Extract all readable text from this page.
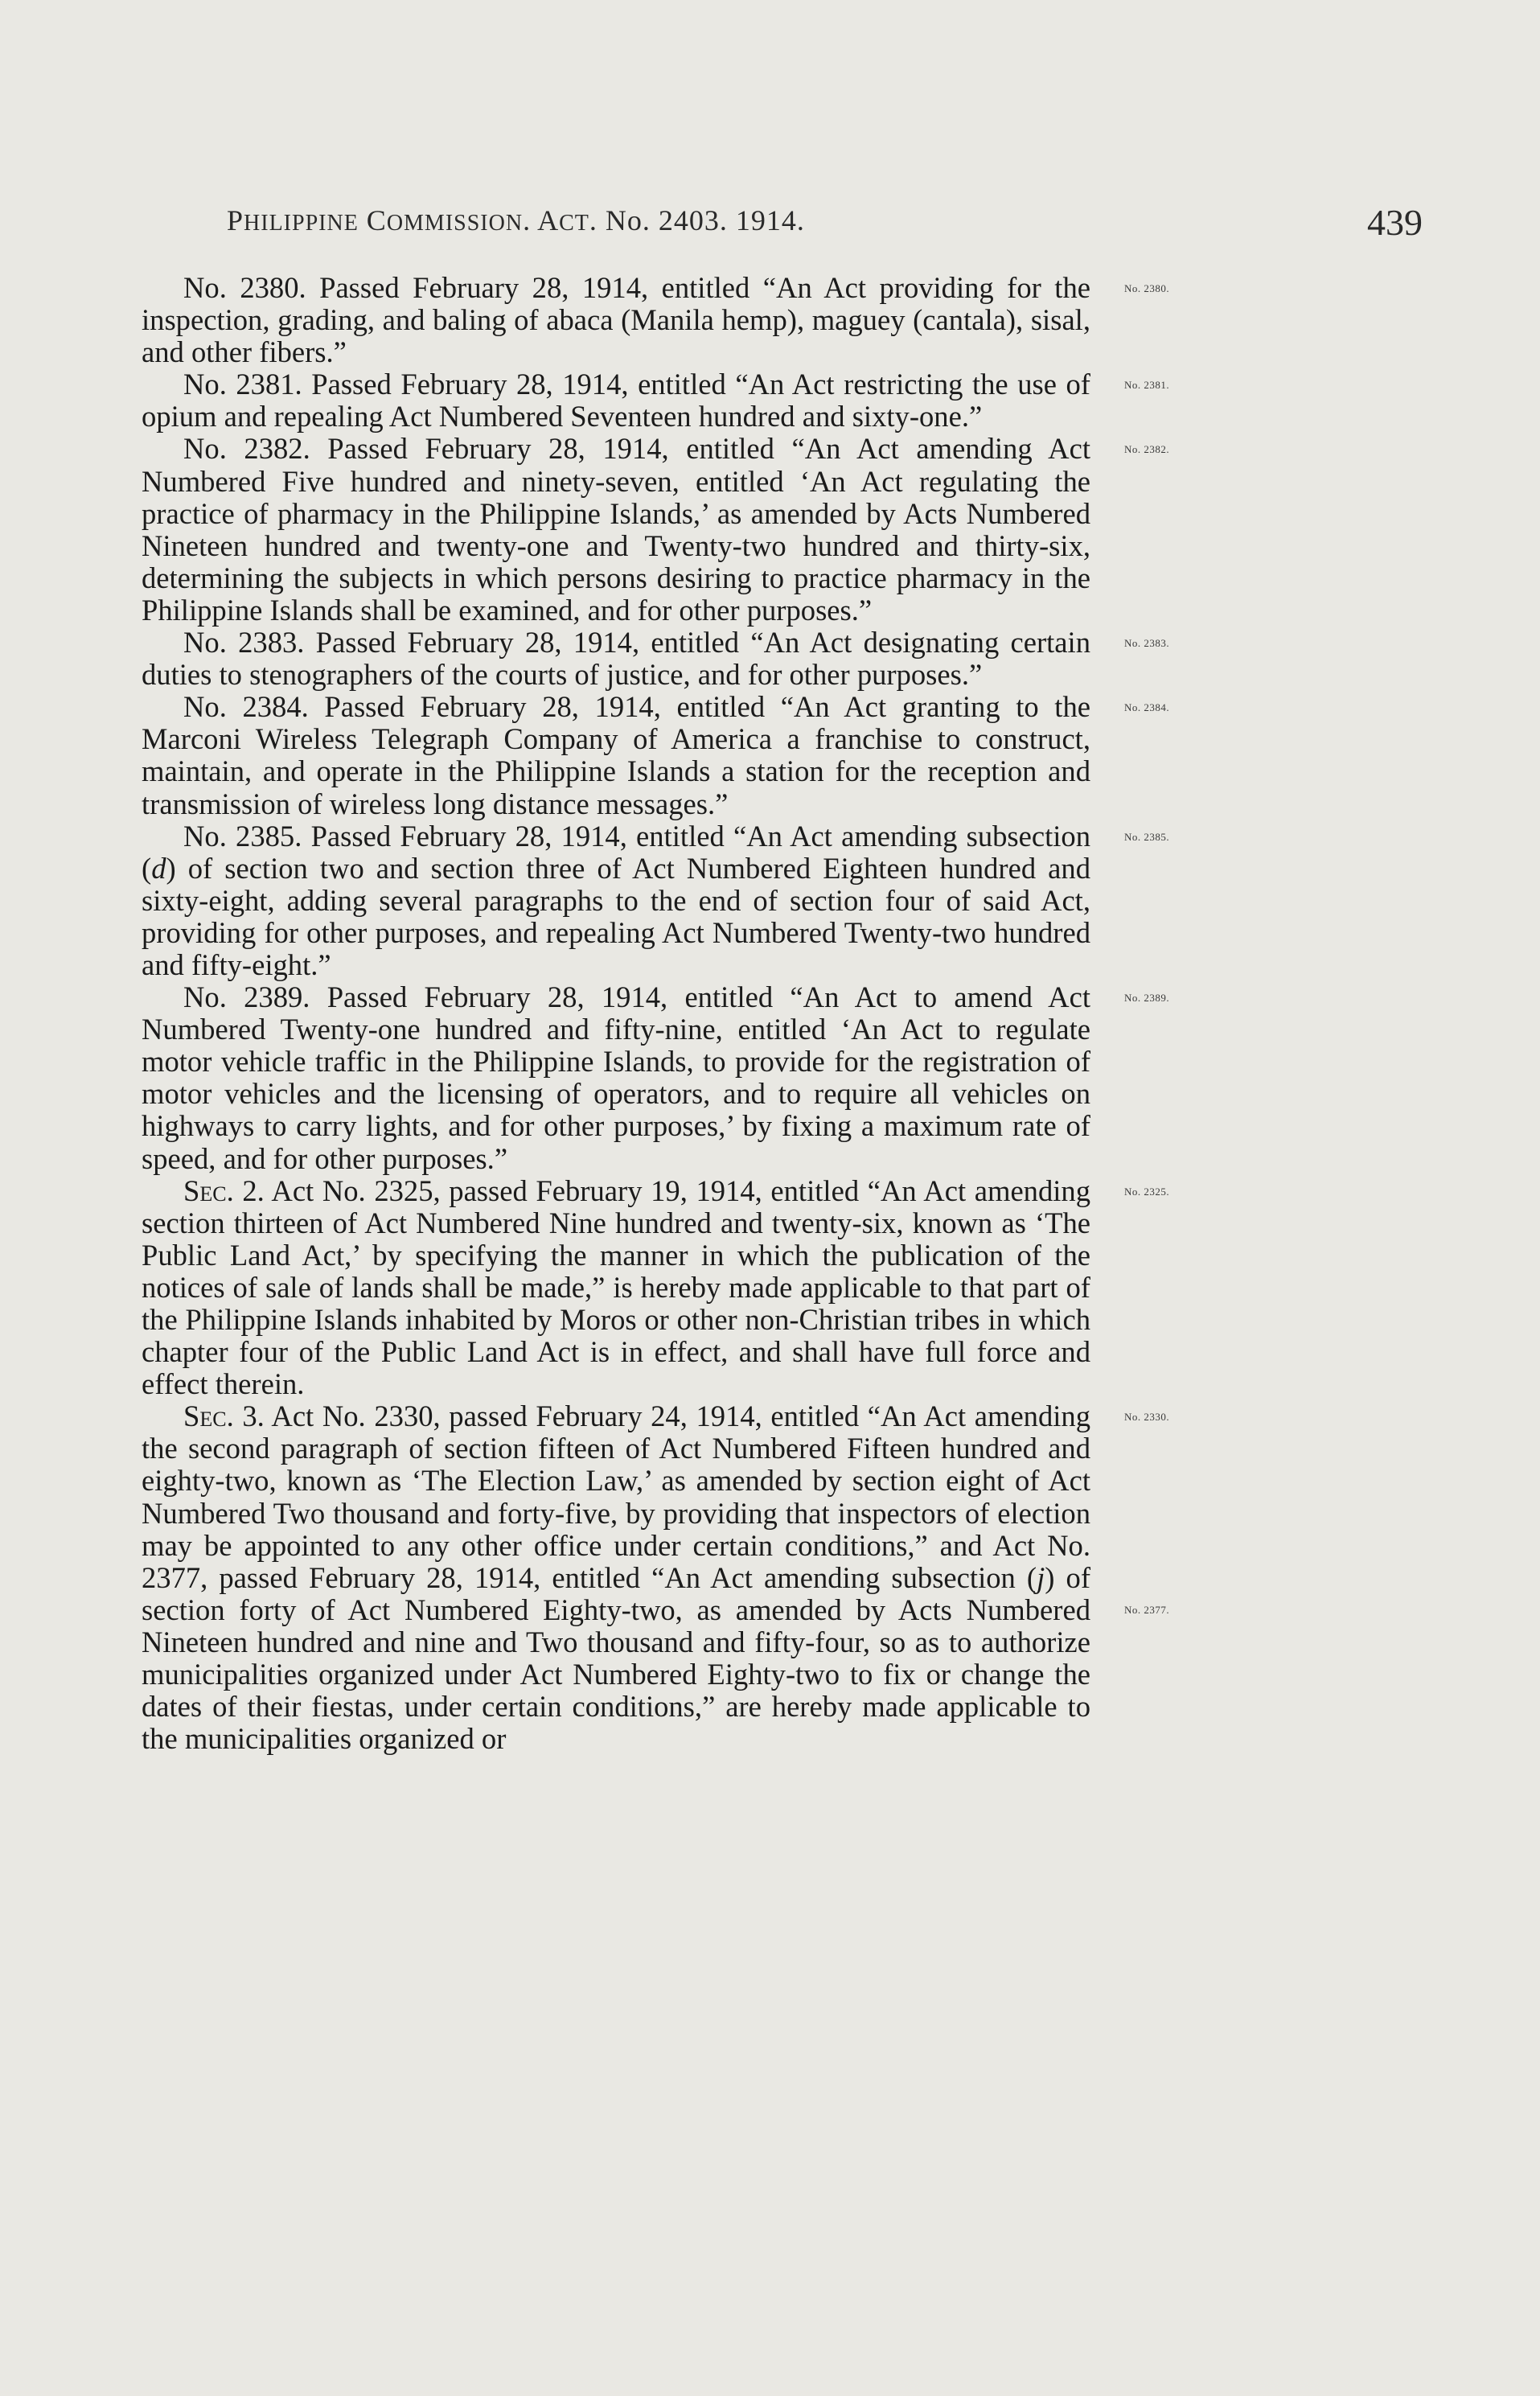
PHILIPPINE COMMISSION. ACT. No. 2403. 1914.	439

No. 2380.
No. 2380. Passed February 28, 1914, entitled “An Act providing for the inspection, grading, and baling of abaca (Manila hemp), maguey (cantala), sisal, and other fibers.”

No. 2381.
No. 2381. Passed February 28, 1914, entitled “An Act restricting the use of opium and repealing Act Numbered Seventeen hundred and sixty-one.”

No. 2382.
No. 2382. Passed February 28, 1914, entitled “An Act amending Act Numbered Five hundred and ninety-seven, entitled ‘An Act regulating the practice of pharmacy in the Philippine Islands,’ as amended by Acts Numbered Nineteen hundred and twenty-one and Twenty-two hundred and thirty-six, determining the subjects in which persons desiring to practice pharmacy in the Philippine Islands shall be examined, and for other purposes.”

No. 2383.
No. 2383. Passed February 28, 1914, entitled “An Act designating certain duties to stenographers of the courts of justice, and for other purposes.”

No. 2384.
No. 2384. Passed February 28, 1914, entitled “An Act granting to the Marconi Wireless Telegraph Company of America a franchise to construct, maintain, and operate in the Philippine Islands a station for the reception and transmission of wireless long distance messages.”

No. 2385.
No. 2385. Passed February 28, 1914, entitled “An Act amending subsection (d) of section two and section three of Act Numbered Eighteen hundred and sixty-eight, adding several paragraphs to the end of section four of said Act, providing for other purposes, and repealing Act Numbered Twenty-two hundred and fifty-eight.”

No. 2389.
No. 2389. Passed February 28, 1914, entitled “An Act to amend Act Numbered Twenty-one hundred and fifty-nine, entitled ‘An Act to regulate motor vehicle traffic in the Philippine Islands, to provide for the registration of motor vehicles and the licensing of operators, and to require all vehicles on highways to carry lights, and for other purposes,’ by fixing a maximum rate of speed, and for other purposes.”

No. 2325.
Sec. 2. Act No. 2325, passed February 19, 1914, entitled “An Act amending section thirteen of Act Numbered Nine hundred and twenty-six, known as ‘The Public Land Act,’ by specifying the manner in which the publication of the notices of sale of lands shall be made,” is hereby made applicable to that part of the Philippine Islands inhabited by Moros or other non-Christian tribes in which chapter four of the Public Land Act is in effect, and shall have full force and effect therein.

No. 2330.
No. 2377.
Sec. 3. Act No. 2330, passed February 24, 1914, entitled “An Act amending the second paragraph of section fifteen of Act Numbered Fifteen hundred and eighty-two, known as ‘The Election Law,’ as amended by section eight of Act Numbered Two thousand and forty-five, by providing that inspectors of election may be appointed to any other office under certain conditions,” and Act No. 2377, passed February 28, 1914, entitled “An Act amending subsection (j) of section forty of Act Numbered Eighty-two, as amended by Acts Numbered Nineteen hundred and nine and Two thousand and fifty-four, so as to authorize municipalities organized under Act Numbered Eighty-two to fix or change the dates of their fiestas, under certain conditions,” are hereby made applicable to the municipalities organized or
